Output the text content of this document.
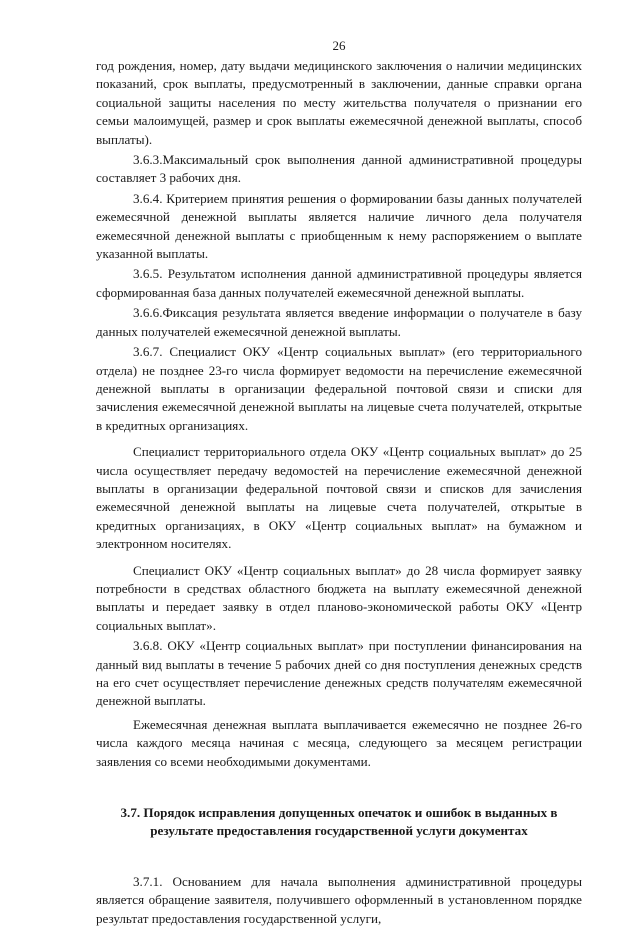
26

год рождения, номер, дату выдачи медицинского заключения о наличии медицинских показаний, срок выплаты, предусмотренный в заключении, данные справки органа социальной защиты населения по месту жительства получателя о признании его семьи малоимущей, размер и срок выплаты ежемесячной денежной выплаты, способ выплаты).

3.6.3.Максимальный срок выполнения данной административной процедуры составляет 3 рабочих дня.

3.6.4. Критерием принятия решения о формировании базы данных получателей ежемесячной денежной выплаты является наличие личного дела получателя ежемесячной денежной выплаты с приобщенным к нему распоряжением о выплате указанной выплаты.

3.6.5. Результатом исполнения данной административной процедуры является сформированная база данных получателей ежемесячной денежной выплаты.

3.6.6.Фиксация результата является введение информации о получателе в базу данных получателей ежемесячной денежной выплаты.

3.6.7. Специалист ОКУ «Центр социальных выплат» (его территориального отдела) не позднее 23-го числа формирует ведомости на перечисление ежемесячной денежной выплаты в организации федеральной почтовой связи и списки для зачисления ежемесячной денежной выплаты на лицевые счета получателей, открытые в кредитных организациях.

Специалист территориального отдела ОКУ «Центр социальных выплат» до 25 числа осуществляет передачу ведомостей на перечисление ежемесячной денежной выплаты в организации федеральной почтовой связи и списков для зачисления ежемесячной денежной выплаты на лицевые счета получателей, открытые в кредитных организациях, в ОКУ «Центр социальных выплат» на бумажном и электронном носителях.

Специалист ОКУ «Центр социальных выплат» до 28 числа формирует заявку потребности в средствах областного бюджета на выплату ежемесячной денежной выплаты и передает заявку в отдел планово-экономической работы ОКУ «Центр социальных выплат».

3.6.8. ОКУ «Центр социальных выплат» при поступлении финансирования на данный вид выплаты в течение 5 рабочих дней со дня поступления денежных средств на его счет осуществляет перечисление денежных средств получателям ежемесячной денежной выплаты.

Ежемесячная денежная выплата выплачивается ежемесячно не позднее 26-го числа каждого месяца начиная с месяца, следующего за месяцем регистрации заявления со всеми необходимыми документами.

3.7. Порядок исправления допущенных опечаток и ошибок в выданных в результате предоставления государственной услуги документах

3.7.1. Основанием для начала выполнения административной процедуры является обращение заявителя, получившего оформленный в установленном порядке результат предоставления государственной услуги,
